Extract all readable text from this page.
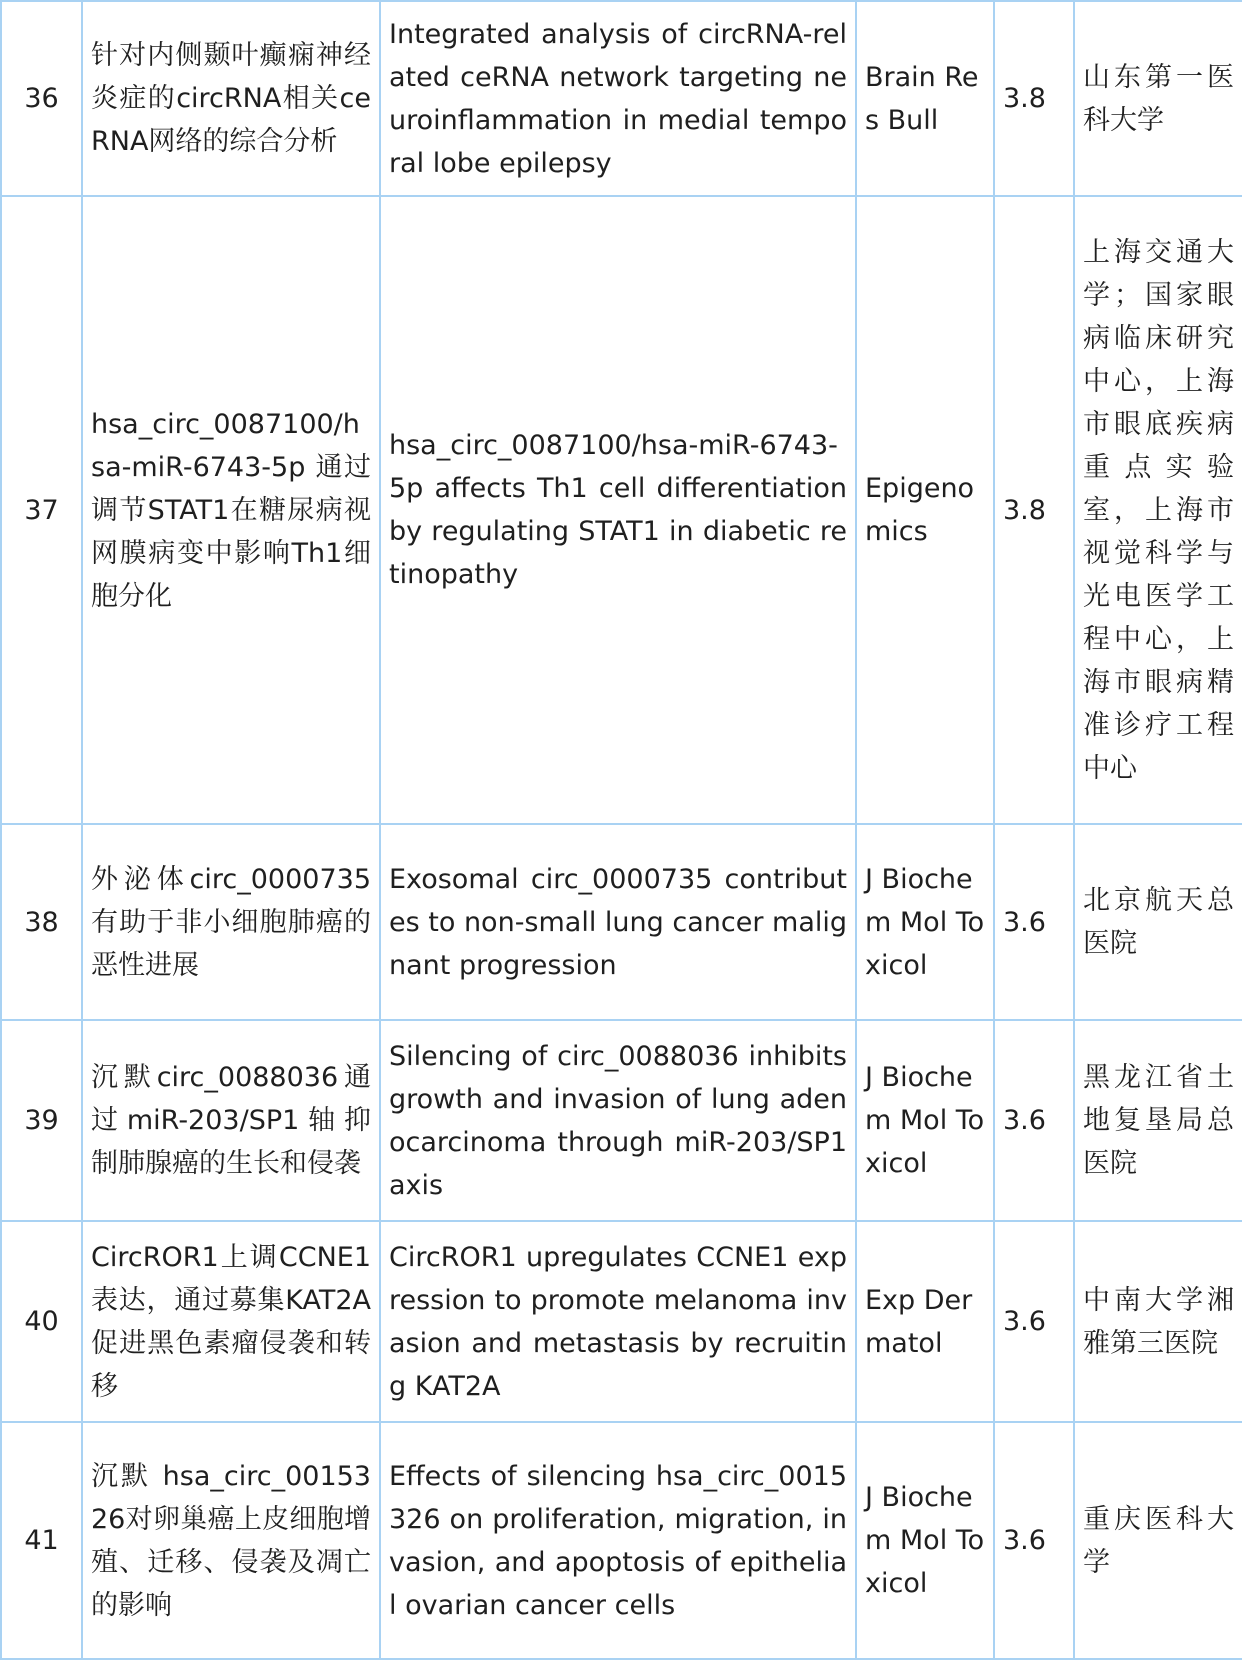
36	针对内侧颞叶癫痫神经炎症的circRNA相关ceRNA网络的综合分析	Integrated analysis of circRNA-related ceRNA network targeting neuroinflammation in medial temporal lobe epilepsy	Brain Res Bull	3.8	山东第一医科大学
37	hsa_circ_0087100/hsa-miR-6743-5p 通过调节STAT1在糖尿病视网膜病变中影响Th1细胞分化	hsa_circ_0087100/hsa-miR-6743-5p affects Th1 cell differentiation by regulating STAT1 in diabetic retinopathy	Epigenomics	3.8	上海交通大学；国家眼病临床研究中心，上海市眼底疾病重点实验室，上海市视觉科学与光电医学工程中心，上海市眼病精准诊疗工程中心
38	外泌体circ_0000735有助于非小细胞肺癌的恶性进展	Exosomal circ_0000735 contributes to non-small lung cancer malignant progression	J Biochem Mol Toxicol	3.6	北京航天总医院
39	沉默circ_0088036通过miR-203/SP1轴抑制肺腺癌的生长和侵袭	Silencing of circ_0088036 inhibits growth and invasion of lung adenocarcinoma through miR-203/SP1 axis	J Biochem Mol Toxicol	3.6	黑龙江省土地复垦局总医院
40	CircROR1上调CCNE1表达，通过募集KAT2A促进黑色素瘤侵袭和转移	CircROR1 upregulates CCNE1 expression to promote melanoma invasion and metastasis by recruiting KAT2A	Exp Dermatol	3.6	中南大学湘雅第三医院
41	沉默 hsa_circ_0015326对卵巢癌上皮细胞增殖、迁移、侵袭及凋亡的影响	Effects of silencing hsa_circ_0015326 on proliferation, migration, invasion, and apoptosis of epithelial ovarian cancer cells	J Biochem Mol Toxicol	3.6	重庆医科大学
